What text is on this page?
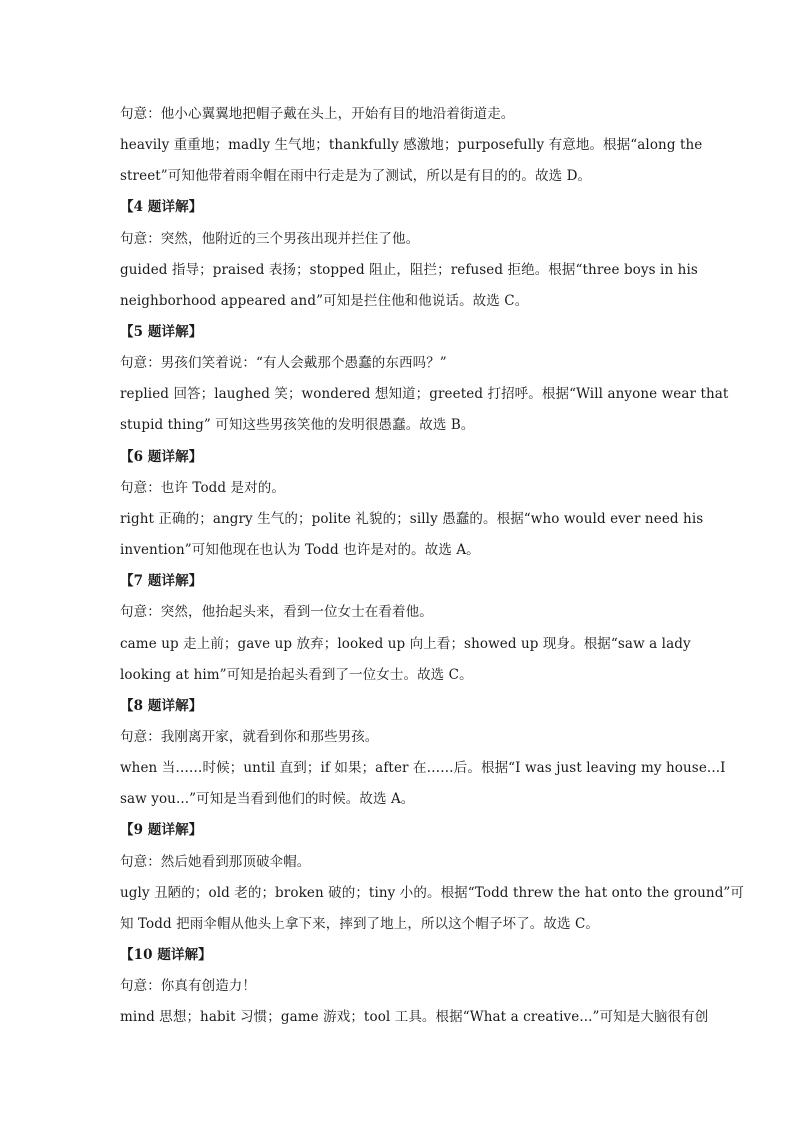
句意：他小心翼翼地把帽子戴在头上，开始有目的地沿着街道走。
heavily 重重地；madly 生气地；thankfully 感激地；purposefully 有意地。根据“along the
street”可知他带着雨伞帽在雨中行走是为了测试，所以是有目的的。故选 D。
【4 题详解】
句意：突然，他附近的三个男孩出现并拦住了他。
guided 指导；praised 表扬；stopped 阻止，阻拦；refused 拒绝。根据“three boys in his
neighborhood appeared and”可知是拦住他和他说话。故选 C。
【5 题详解】
句意：男孩们笑着说：“有人会戴那个愚蠢的东西吗？”
replied 回答；laughed 笑；wondered 想知道；greeted 打招呼。根据“Will anyone wear that
stupid thing” 可知这些男孩笑他的发明很愚蠢。故选 B。
【6 题详解】
句意：也许 Todd 是对的。
right 正确的；angry 生气的；polite 礼貌的；silly 愚蠢的。根据“who would ever need his
invention”可知他现在也认为 Todd 也许是对的。故选 A。
【7 题详解】
句意：突然，他抬起头来，看到一位女士在看着他。
came up 走上前；gave up 放弃；looked up 向上看；showed up 现身。根据“saw a lady
looking at him”可知是抬起头看到了一位女士。故选 C。
【8 题详解】
句意：我刚离开家，就看到你和那些男孩。
when 当……时候；until 直到；if 如果；after 在……后。根据“I was just leaving my house...I
saw you...”可知是当看到他们的时候。故选 A。
【9 题详解】
句意：然后她看到那顶破伞帽。
ugly 丑陋的；old 老的；broken 破的；tiny 小的。根据“Todd threw the hat onto the ground”可
知 Todd 把雨伞帽从他头上拿下来，摔到了地上，所以这个帽子坏了。故选 C。
【10 题详解】
句意：你真有创造力！
mind 思想；habit 习惯；game 游戏；tool 工具。根据“What a creative...”可知是大脑很有创
